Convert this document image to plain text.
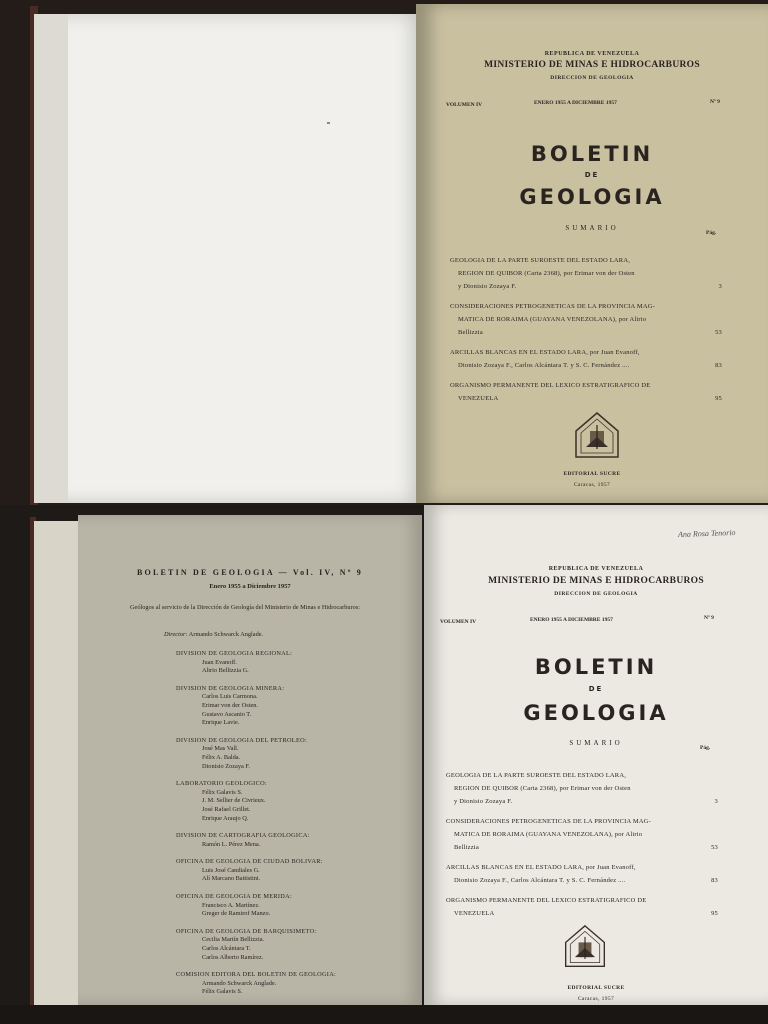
REPUBLICA DE VENEZUELA
MINISTERIO DE MINAS E HIDROCARBUROS
DIRECCION DE GEOLOGIA
VOLUMEN IV	ENERO 1955 A DICIEMBRE 1957	Nº 9
BOLETIN
DE
GEOLOGIA
SUMARIO
Pág.
GEOLOGIA DE LA PARTE SUROESTE DEL ESTADO LARA,
REGION DE QUIBOR (Carta 2368), por Erimar von der Osten
y Dionisio Zozaya F.	3
CONSIDERACIONES PETROGENETICAS DE LA PROVINCIA MAG-
MATICA DE RORAIMA (GUAYANA VENEZOLANA), por Alirio
Bellizzia	53
ARCILLAS BLANCAS EN EL ESTADO LARA, por Juan Evanoff,
Dionisio Zozaya F., Carlos Alcántara T. y S. C. Fernández ....	83
ORGANISMO PERMANENTE DEL LEXICO ESTRATIGRAFICO DE
VENEZUELA	95
EDITORIAL SUCRE
Caracas, 1957
BOLETIN DE GEOLOGIA — Vol. IV, Nº 9
Enero 1955 a Diciembre 1957
Geólogos al servicio de la Dirección de Geología del Ministerio de Minas e Hidrocarburos:
Director: Armando Schwarck Anglade.
DIVISION DE GEOLOGIA REGIONAL:
Juan Evanoff.
Alirio Bellizzia G.
DIVISION DE GEOLOGIA MINERA:
Carlos Luis Carmona.
Erimar von der Osten.
Gustavo Ascanio T.
Enrique Lavie.
DIVISION DE GEOLOGIA DEL PETROLEO:
José Mas Vall.
Félix A. Balda.
Dionisio Zozaya F.
LABORATORIO GEOLOGICO:
Félix Galavis S.
J. M. Sellier de Civrieux.
José Rafael Grillet.
Enrique Araujo Q.
DIVISION DE CARTOGRAFIA GEOLOGICA:
Ramón L. Pérez Mena.
OFICINA DE GEOLOGIA DE CIUDAD BOLIVAR:
Luis José Candiales G.
Alí Marcano Battistini.
OFICINA DE GEOLOGIA DE MERIDA:
Francisco A. Martínez.
Greger de Ramirof Manzo.
OFICINA DE GEOLOGIA DE BARQUISIMETO:
Cecilia Martín Bellizzia.
Carlos Alcántara T.
Carlos Alberto Ramírez.
COMISION EDITORA DEL BOLETIN DE GEOLOGIA:
Armando Schwarck Anglade.
Félix Galavis S.
Ana Rosa Tenorio
REPUBLICA DE VENEZUELA
MINISTERIO DE MINAS E HIDROCARBUROS
DIRECCION DE GEOLOGIA
VOLUMEN IV	ENERO 1955 A DICIEMBRE 1957	Nº 9
BOLETIN
DE
GEOLOGIA
SUMARIO
Pág.
GEOLOGIA DE LA PARTE SUROESTE DEL ESTADO LARA,
REGION DE QUIBOR (Carta 2368), por Erimar von der Osten
y Dionisio Zozaya F.	3
CONSIDERACIONES PETROGENETICAS DE LA PROVINCIA MAG-
MATICA DE RORAIMA (GUAYANA VENEZOLANA), por Alirio
Bellizzia	53
ARCILLAS BLANCAS EN EL ESTADO LARA, por Juan Evanoff,
Dionisio Zozaya F., Carlos Alcántara T. y S. C. Fernández ....	83
ORGANISMO PERMANENTE DEL LEXICO ESTRATIGRAFICO DE
VENEZUELA	95
EDITORIAL SUCRE
Caracas, 1957
